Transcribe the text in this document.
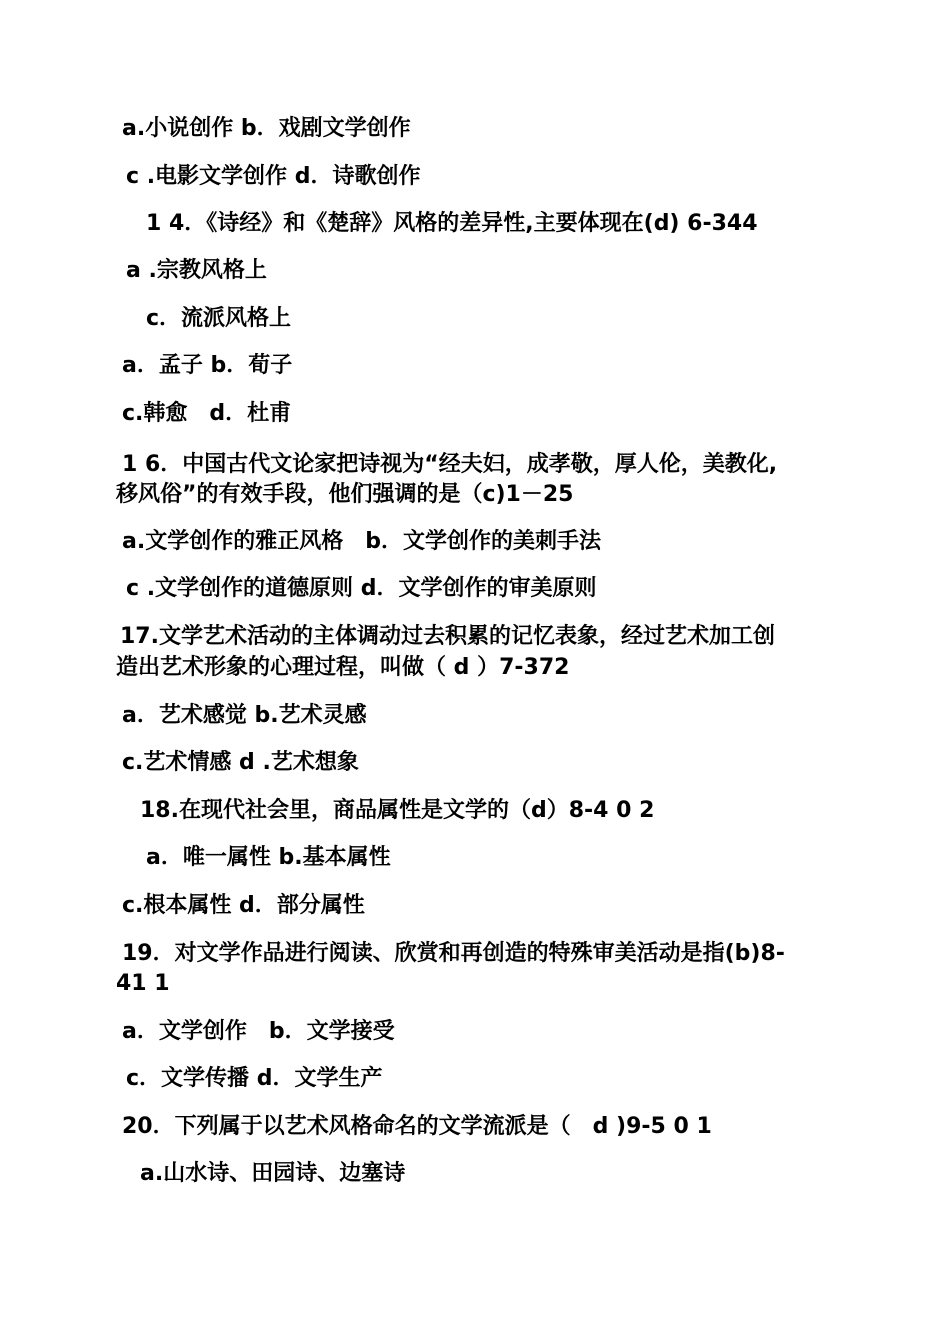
a.小说创作 b．戏剧文学创作
c .电影文学创作 d．诗歌创作
1 4．《诗经》和《楚辞》风格的差异性,主要体现在(d) 6-344
a .宗教风格上
c．流派风格上
a．孟子 b．荀子
c.韩愈　d．杜甫
1 6．中国古代文论家把诗视为“经夫妇，成孝敬，厚人伦，美教化,
移风俗”的有效手段，他们强调的是（c)1－25
a.文学创作的雅正风格　b．文学创作的美刺手法
c .文学创作的道德原则 d．文学创作的审美原则
17.文学艺术活动的主体调动过去积累的记忆表象，经过艺术加工创
造出艺术形象的心理过程，叫做（ d ）7-372
a．艺术感觉 b.艺术灵感
c.艺术情感 d .艺术想象
18.在现代社会里，商品属性是文学的（d）8-4 0 2
a．唯一属性 b.基本属性
c.根本属性 d．部分属性
19．对文学作品进行阅读、欣赏和再创造的特殊审美活动是指(b)8-
41 1
a．文学创作　b．文学接受
c．文学传播 d．文学生产
20．下列属于以艺术风格命名的文学流派是（　d )9-5 0 1
a.山水诗、田园诗、边塞诗
